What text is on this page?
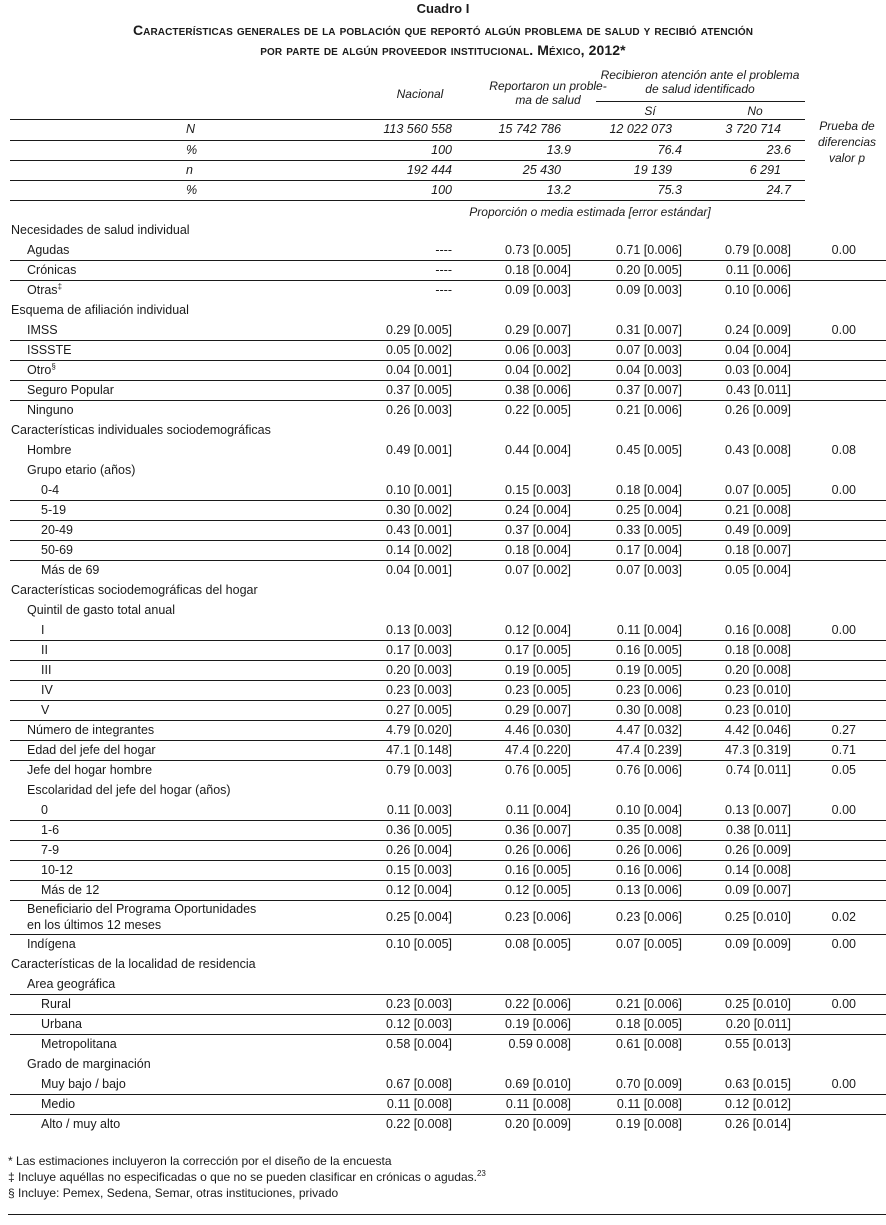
Cuadro I
Características generales de la población que reportó algún problema de salud y recibió atención
por parte de algún proveedor institucional. México, 2012*
Nacional
Reportaron un proble-
ma de salud
Recibieron atención ante el problema
de salud identificado
Sí	No
Prueba de
diferencias
valor p
N	113 560 558	15 742 786	12 022 073	3 720 714
%	100	13.9	76.4	23.6
n	192 444	25 430	19 139	6 291
%	100	13.2	75.3	24.7
Proporción o media estimada [error estándar]
Necesidades de salud individual
Agudas	----	0.73 [0.005]	0.71 [0.006]	0.79 [0.008]	0.00
Crónicas	----	0.18 [0.004]	0.20 [0.005]	0.11 [0.006]
Otras‡	----	0.09 [0.003]	0.09 [0.003]	0.10 [0.006]
Esquema de afiliación individual
IMSS	0.29 [0.005]	0.29 [0.007]	0.31 [0.007]	0.24 [0.009]	0.00
ISSSTE	0.05 [0.002]	0.06 [0.003]	0.07 [0.003]	0.04 [0.004]
Otro§	0.04 [0.001]	0.04 [0.002]	0.04 [0.003]	0.03 [0.004]
Seguro Popular	0.37 [0.005]	0.38 [0.006]	0.37 [0.007]	0.43 [0.011]
Ninguno	0.26 [0.003]	0.22 [0.005]	0.21 [0.006]	0.26 [0.009]
Características individuales sociodemográficas
Hombre	0.49 [0.001]	0.44 [0.004]	0.45 [0.005]	0.43 [0.008]	0.08
Grupo etario (años)
0-4	0.10 [0.001]	0.15 [0.003]	0.18 [0.004]	0.07 [0.005]	0.00
5-19	0.30 [0.002]	0.24 [0.004]	0.25 [0.004]	0.21 [0.008]
20-49	0.43 [0.001]	0.37 [0.004]	0.33 [0.005]	0.49 [0.009]
50-69	0.14 [0.002]	0.18 [0.004]	0.17 [0.004]	0.18 [0.007]
Más de 69	0.04 [0.001]	0.07 [0.002]	0.07 [0.003]	0.05 [0.004]
Características sociodemográficas del hogar
Quintil de gasto total anual
I	0.13 [0.003]	0.12 [0.004]	0.11 [0.004]	0.16 [0.008]	0.00
II	0.17 [0.003]	0.17 [0.005]	0.16 [0.005]	0.18 [0.008]
III	0.20 [0.003]	0.19 [0.005]	0.19 [0.005]	0.20 [0.008]
IV	0.23 [0.003]	0.23 [0.005]	0.23 [0.006]	0.23 [0.010]
V	0.27 [0.005]	0.29 [0.007]	0.30 [0.008]	0.23 [0.010]
Número de integrantes	4.79 [0.020]	4.46 [0.030]	4.47 [0.032]	4.42 [0.046]	0.27
Edad del jefe del hogar	47.1 [0.148]	47.4 [0.220]	47.4 [0.239]	47.3 [0.319]	0.71
Jefe del hogar hombre	0.79 [0.003]	0.76 [0.005]	0.76 [0.006]	0.74 [0.011]	0.05
Escolaridad del jefe del hogar (años)
0	0.11 [0.003]	0.11 [0.004]	0.10 [0.004]	0.13 [0.007]	0.00
1-6	0.36 [0.005]	0.36 [0.007]	0.35 [0.008]	0.38 [0.011]
7-9	0.26 [0.004]	0.26 [0.006]	0.26 [0.006]	0.26 [0.009]
10-12	0.15 [0.003]	0.16 [0.005]	0.16 [0.006]	0.14 [0.008]
Más de 12	0.12 [0.004]	0.12 [0.005]	0.13 [0.006]	0.09 [0.007]
Beneficiario del Programa Oportunidades
en los últimos 12 meses
0.25 [0.004]	0.23 [0.006]	0.23 [0.006]	0.25 [0.010]	0.02
Indígena	0.10 [0.005]	0.08 [0.005]	0.07 [0.005]	0.09 [0.009]	0.00
Características de la localidad de residencia
Area geográfica
Rural	0.23 [0.003]	0.22 [0.006]	0.21 [0.006]	0.25 [0.010]	0.00
Urbana	0.12 [0.003]	0.19 [0.006]	0.18 [0.005]	0.20 [0.011]
Metropolitana	0.58 [0.004]	0.59 0.008]	0.61 [0.008]	0.55 [0.013]
Grado de marginación
Muy bajo / bajo	0.67 [0.008]	0.69 [0.010]	0.70 [0.009]	0.63 [0.015]	0.00
Medio	0.11 [0.008]	0.11 [0.008]	0.11 [0.008]	0.12 [0.012]
Alto / muy alto	0.22 [0.008]	0.20 [0.009]	0.19 [0.008]	0.26 [0.014]
* Las estimaciones incluyeron la corrección por el diseño de la encuesta
‡ Incluye aquéllas no especificadas o que no se pueden clasificar en crónicas o agudas.$^{23}$
§ Incluye: Pemex, Sedena, Semar, otras instituciones, privado
